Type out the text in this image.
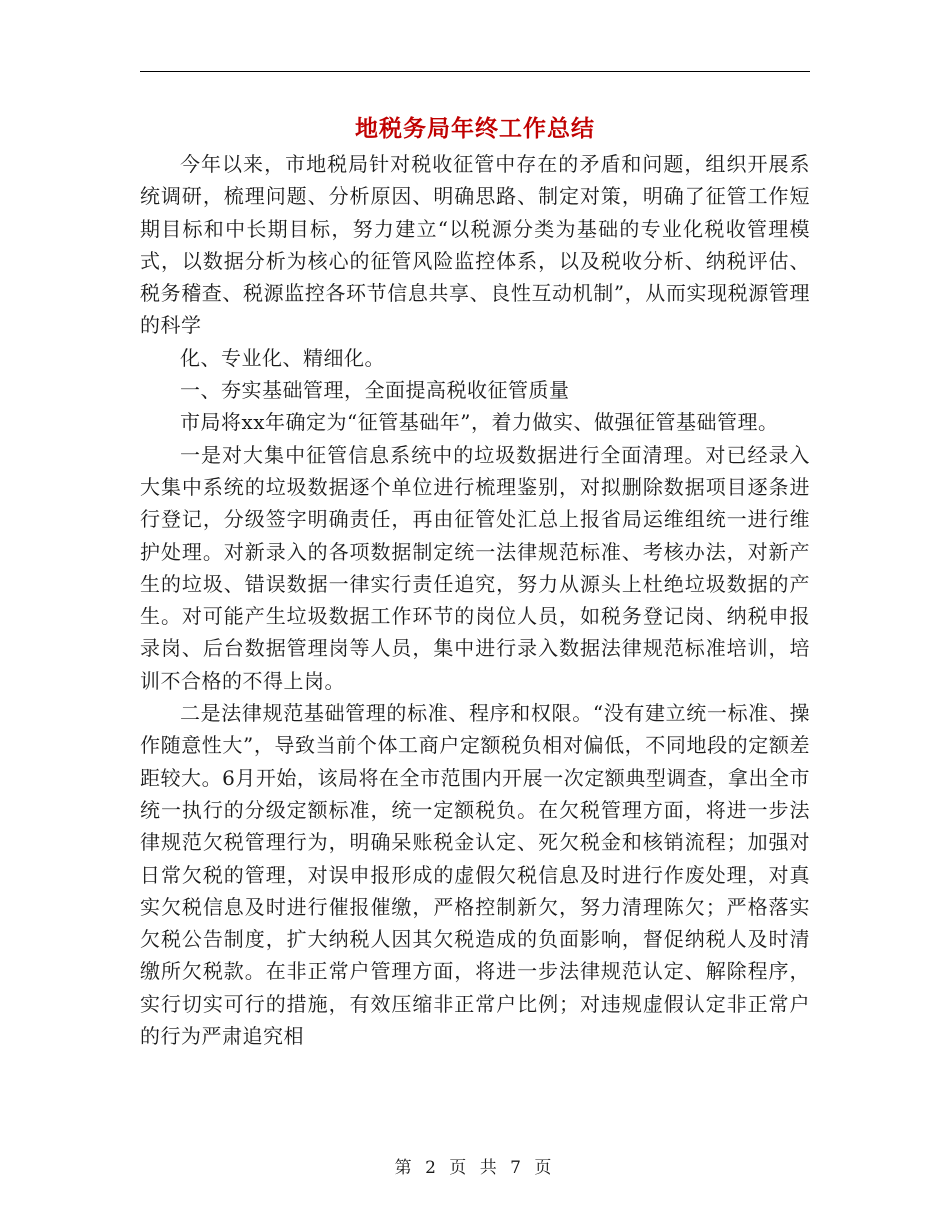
地税务局年终工作总结

今年以来，市地税局针对税收征管中存在的矛盾和问题，组织开展系统调研，梳理问题、分析原因、明确思路、制定对策，明确了征管工作短期目标和中长期目标，努力建立“以税源分类为基础的专业化税收管理模式，以数据分析为核心的征管风险监控体系，以及税收分析、纳税评估、税务稽查、税源监控各环节信息共享、良性互动机制”，从而实现税源管理的科学

化、专业化、精细化。

一、夯实基础管理，全面提高税收征管质量

市局将xx年确定为“征管基础年”，着力做实、做强征管基础管理。

一是对大集中征管信息系统中的垃圾数据进行全面清理。对已经录入大集中系统的垃圾数据逐个单位进行梳理鉴别，对拟删除数据项目逐条进行登记，分级签字明确责任，再由征管处汇总上报省局运维组统一进行维护处理。对新录入的各项数据制定统一法律规范标准、考核办法，对新产生的垃圾、错误数据一律实行责任追究，努力从源头上杜绝垃圾数据的产生。对可能产生垃圾数据工作环节的岗位人员，如税务登记岗、纳税申报录岗、后台数据管理岗等人员，集中进行录入数据法律规范标准培训，培训不合格的不得上岗。

二是法律规范基础管理的标准、程序和权限。“没有建立统一标准、操作随意性大”，导致当前个体工商户定额税负相对偏低，不同地段的定额差距较大。6月开始，该局将在全市范围内开展一次定额典型调查，拿出全市统一执行的分级定额标准，统一定额税负。在欠税管理方面，将进一步法律规范欠税管理行为，明确呆账税金认定、死欠税金和核销流程；加强对日常欠税的管理，对误申报形成的虚假欠税信息及时进行作废处理，对真实欠税信息及时进行催报催缴，严格控制新欠，努力清理陈欠；严格落实欠税公告制度，扩大纳税人因其欠税造成的负面影响，督促纳税人及时清缴所欠税款。在非正常户管理方面，将进一步法律规范认定、解除程序，实行切实可行的措施，有效压缩非正常户比例；对违规虚假认定非正常户的行为严肃追究相

第 2 页 共 7 页
